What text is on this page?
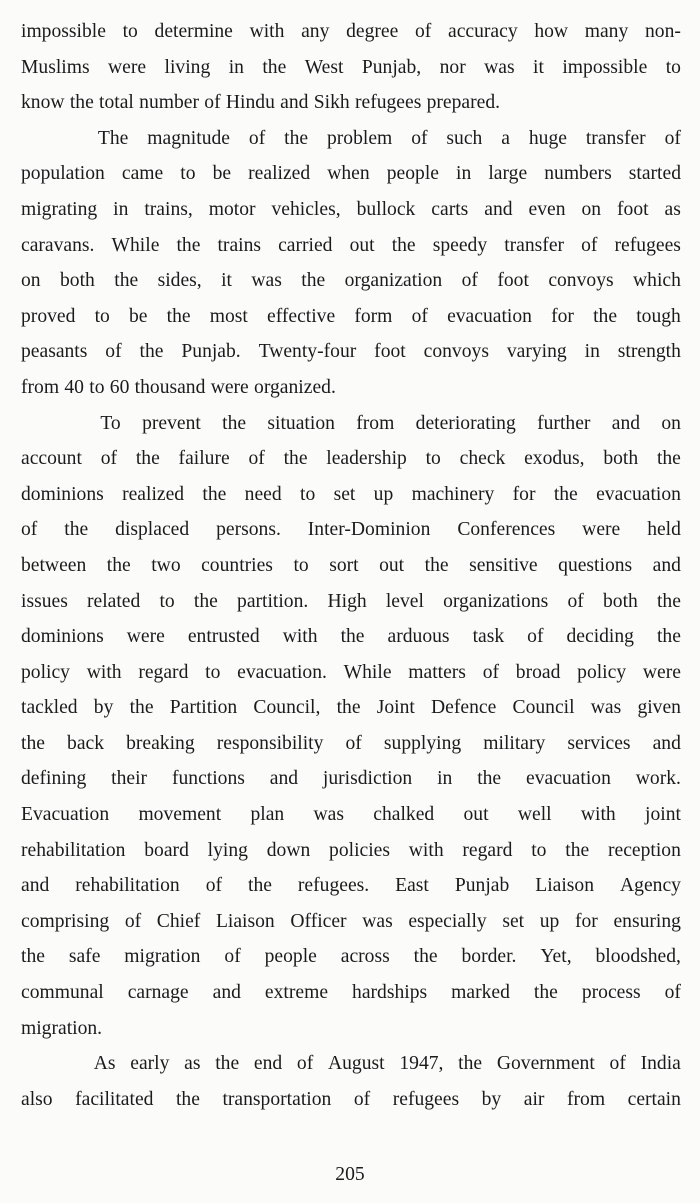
impossible to determine with any degree of accuracy how many non-
Muslims were living in the West Punjab, nor was it impossible to
know the total number of Hindu and Sikh refugees prepared.
The magnitude of the problem of such a huge transfer of
population came to be realized when people in large numbers started
migrating in trains, motor vehicles, bullock carts and even on foot as
caravans. While the trains carried out the speedy transfer of refugees
on both the sides, it was the organization of foot convoys which
proved to be the most effective form of evacuation for the tough
peasants of the Punjab. Twenty-four foot convoys varying in strength
from 40 to 60 thousand were organized.
To prevent the situation from deteriorating further and on
account of the failure of the leadership to check exodus, both the
dominions realized the need to set up machinery for the evacuation
of the displaced persons. Inter-Dominion Conferences were held
between the two countries to sort out the sensitive questions and
issues related to the partition. High level organizations of both the
dominions were entrusted with the arduous task of deciding the
policy with regard to evacuation. While matters of broad policy were
tackled by the Partition Council, the Joint Defence Council was given
the back breaking responsibility of supplying military services and
defining their functions and jurisdiction in the evacuation work.
Evacuation movement plan was chalked out well with joint
rehabilitation board lying down policies with regard to the reception
and rehabilitation of the refugees. East Punjab Liaison Agency
comprising of Chief Liaison Officer was especially set up for ensuring
the safe migration of people across the border. Yet, bloodshed,
communal carnage and extreme hardships marked the process of
migration.
As early as the end of August 1947, the Government of India
also facilitated the transportation of refugees by air from certain
205
